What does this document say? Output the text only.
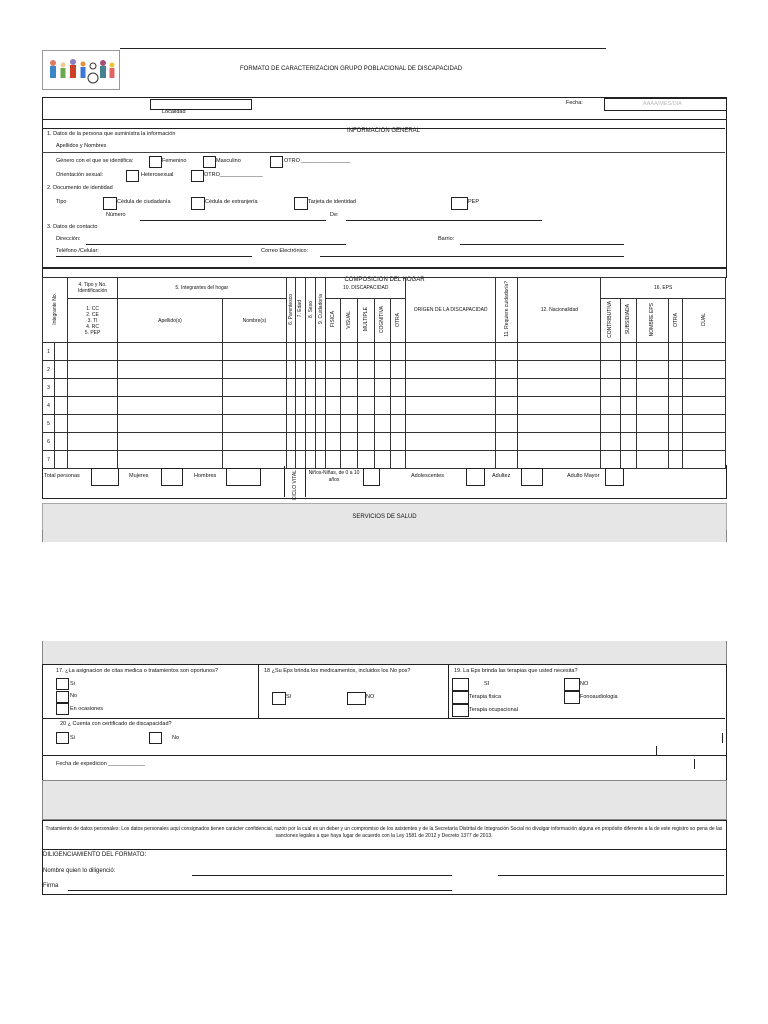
FORMATO DE CARACTERIZACION GRUPO POBLACIONAL DE DISCAPACIDAD
Localidad
Fecha:	AAAA/MES/DIA
INFORMACION GENERAL
1. Datos de la persona que suministra la información
Apellidos y Nombres
Género con el que se identifica:	Femenino	Masculino	OTRO ________________
Orientación sexual:	Heterosexual	OTRO______________
2. Documento de identidad
Tipo	Cédula de ciudadanía	Cédula de extranjería	Tarjeta de identidad	PEP
Número	De:
3. Datos de contacto
Dirección:	Barrio:
Teléfono /Celular:	Correo Electrónico:
COMPOSICION DEL HOGAR
Integrante No.		4. Tipo y No. Identificación	5. Integrantes del hogar		6. Parentesco	7. Edad	8. Sexo	9. Cuidador/a	10. DISCAPACIDAD					ORIGEN DE LA DISCAPACIDAD	11. Requiere cuidador/a?	12. Nacionalidad	16. EPS				
		1. CC
2. CE
3. TI
4. RC
5. PEP	Apellido(s)	Nombre(s)					FISICA	VISUAL	MULTIPLE	COGNITIVA	OTRA				CONTRIBUTIVA	SUBSIDIADA	NOMBRE EPS	OTRA	CUAL
1																					
2																					
3																					
4																					
5																					
6																					
7																					
Total personas	Mujeres	Hombres	CICLO VITAL	Niños-Niñas, de 0 a 10 años
Adolescentes	Adultez	Adulto Mayor
SERVICIOS DE SALUD
17. ¿La asignacion de citas medica o tratamientos son oportunos?
Si
No
En ocasiones
18 ¿Su Eps brinda los medicamentos, incluidos los No pos?
SI	NO
19. La Eps brinda las terapias que usted necesita?
SI	NO
Terapia fisica	Fonoaudiologia
Terapia ocupacional
20 ¿ Cuenta con certificado de discapacidad?
Si	No
Fecha de expedicion ____________
Tratamiento de datos personales: Los datos personales aquí consignados tienen carácter confidencial, razón por la cual es un deber y un compromiso de los asistentes y de la Secretaría Distrital de Integración Social no divulgar información alguna en propósito diferente a la de este registro so pena de las sanciones legales a que haya lugar de acuerdo con la Ley 1581 de 2012 y Decreto 1377 de 2013.
DILIGENCIAMIENTO DEL FORMATO:
Nombre quien lo diligenció:
Firma
